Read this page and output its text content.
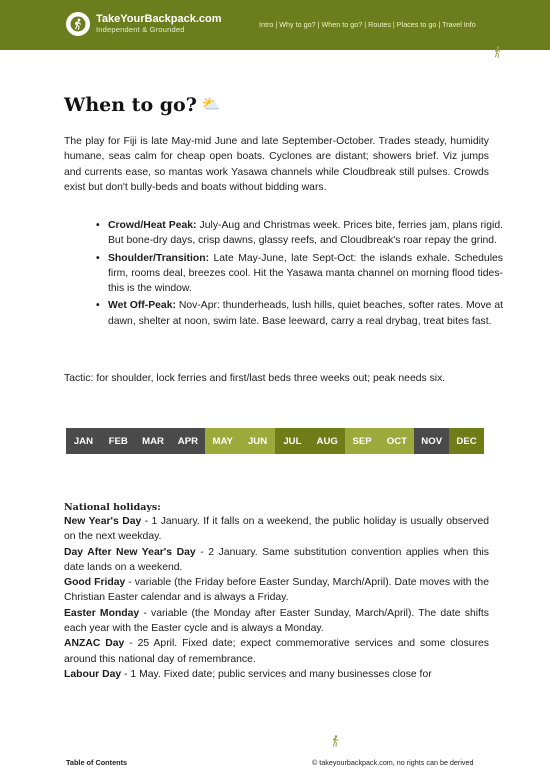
TakeYourBackpack.com
Independent & Grounded
Intro | Why to go? | When to go? | Routes | Places to go | Travel Info
When to go? ⛅

The play for Fiji is late May-mid June and late September-October. Trades steady, humidity humane, seas calm for cheap open boats. Cyclones are distant; showers brief. Viz jumps and currents ease, so mantas work Yasawa channels while Cloudbreak still pulses. Crowds exist but don't bully-beds and boats without bidding wars.

• Crowd/Heat Peak: July-Aug and Christmas week. Prices bite, ferries jam, plans rigid. But bone-dry days, crisp dawns, glassy reefs, and Cloudbreak's roar repay the grind.
• Shoulder/Transition: Late May-June, late Sept-Oct: the islands exhale. Schedules firm, rooms deal, breezes cool. Hit the Yasawa manta channel on morning flood tides-this is the window.
• Wet Off-Peak: Nov-Apr: thunderheads, lush hills, quiet beaches, softer rates. Move at dawn, shelter at noon, swim late. Base leeward, carry a real drybag, treat bites fast.

Tactic: for shoulder, lock ferries and first/last beds three weeks out; peak needs six.

JAN	FEB	MAR	APR	MAY	JUN	JUL	AUG	SEP	OCT	NOV	DEC
National holidays:

New Year's Day - 1 January. If it falls on a weekend, the public holiday is usually observed on the next weekday.

Day After New Year's Day - 2 January. Same substitution convention applies when this date lands on a weekend.

Good Friday - variable (the Friday before Easter Sunday, March/April). Date moves with the Christian Easter calendar and is always a Friday.

Easter Monday - variable (the Monday after Easter Sunday, March/April). The date shifts each year with the Easter cycle and is always a Monday.

ANZAC Day - 25 April. Fixed date; expect commemorative services and some closures around this national day of remembrance.

Labour Day - 1 May. Fixed date; public services and many businesses close for

Table of Contents	© takeyourbackpack.com, no rights can be derived
